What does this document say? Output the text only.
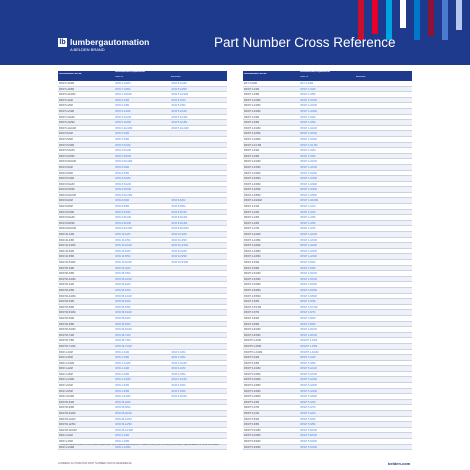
lb lumbergautomation
A BELDEN BRAND	Part Number Cross Reference
Discontinued Part No.
Recommended Replacement
Direct Fit	Alternative
RKW 5-10/2M	RKW 5-10/2M	RKW 5-10/2M
RKW 5-10/5M	RKW 5-10/5M	RKW 5-10/5M
RKW 5-10/10M	RKW 5-10/10M	RKW 5-10/10M
RKW 5-4/2M	RKW 5-4/2M	RKW 5-4/2M
RKW 5-4/5M	RKW 5-4/5M	RKW 5-4/5M
RKW 5-4/10M	RKW 5-4/10M	RKW 5-4/10M
RKW 5-4G/2M	RKW 5-4G/2M	RKW 5-4G/2M
RKW 5-4G/5M	RKW 5-4G/5M	RKW 5-4G/5M
RKW 5-4G/10M	RKW 5-4G/10M	RKW 5-4G/10M
RKW 5-5/2M	RKW 5-5/2M
RKW 5-5/5M	RKW 5-5/5M
RKW 5-5/10M	RKW 5-5/10M
RKW 5-5G/2M	RKW 5-5G/2M
RKW 5-5G/5M	RKW 5-5G/5M
RKW 5-5G/10M	RKW 5-5G/10M
RKW 8-5/2M	RKW 8-5/2M
RKW 8-5/5M	RKW 8-5/5M
RKW 8-5/10M	RKW 8-5/10M
RKW 8-5G/2M	RKW 8-5G/2M
RKW 8-5G/5M	RKW 8-5G/5M
RKW 8-5G/10M	RKW 8-5G/10M
RKW 8-8/2M	RKW 8-8/2M	RKW 8-8/2M
RKW 8-8/5M	RKW 8-8/5M	RKW 8-8/5M
RKW 8-8/10M	RKW 8-8/10M	RKW 8-8/10M
RKW 8-8G/2M	RKW 8-8G/2M	RKW 8-8G/2M
RKW 8-8G/5M	RKW 8-8G/5M	RKW 8-8G/5M
RKW 8-8G/10M	RKW 8-8G/10M	RKW 8-8G/10M
RKW 40-4/2M	RKW 40-4/2M	RKW 40-4/2M
RKW 40-4/5M	RKW 40-4/5M	RKW 40-4/5M
RKW 40-4/10M	RKW 40-4/10M	RKW 40-4/10M
RKW 40-5/2M	RKW 40-5/2M	RKW 40-5/2M
RKW 40-5/5M	RKW 40-5/5M	RKW 40-5/5M
RKW 40-5/10M	RKW 40-5/10M	RKW 40-5/10M
RKW 56-3/2M	RKW 56-3/2M
RKW 56-3/5M	RKW 56-3/5M
RKW 56-3/10M	RKW 56-3/10M
RKW 56-4/2M	RKW 56-4/2M
RKW 56-4/5M	RKW 56-4/5M
RKW 56-4/10M	RKW 56-4/10M
RKW 56-5/2M	RKW 56-5/2M
RKW 56-5/5M	RKW 56-5/5M
RKW 56-5/10M	RKW 56-5/10M
RKW 56-6/2M	RKW 56-6/2M
RKW 56-6/5M	RKW 56-6/5M
RKW 56-6/10M	RKW 56-6/10M
RKW 56-7/2M	RKW 56-7/2M
RKW 56-7/5M	RKW 56-7/5M
RKW 56-7/10M	RKW 56-7/10M
RKW 4-3/2M	RKW 4-3/2M	RKW 4-3/2M
RKW 4-3/5M	RKW 4-3/5M	RKW 4-3/5M
RKW 4-3/10M	RKW 4-3/10M	RKW 4-3/10M
RKW 4-4/2M	RKW 4-4/2M	RKW 4-4/2M
RKW 4-4/5M	RKW 4-4/5M	RKW 4-4/5M
RKW 4-4/10M	RKW 4-4/10M	RKW 4-4/10M
RKW 4-5/2M	RKW 4-5/2M	RKW 4-5/2M
RKW 4-5/5M	RKW 4-5/5M	RKW 4-5/5M
RKW 4-5/10M	RKW 4-5/10M	RKW 4-5/10M
RKW 56-9/2M	RKW 56-9/2M
RKW 56-9/5M	RKW 56-9/5M
RKW 56-9/10M	RKW 56-9/10M
RKW 56-12/2M	RKW 56-12/2M
RKW 56-12/5M	RKW 56-12/5M
RKW 56-12/10M	RKW 56-12/10M
RKW 4-4/2M	RKW 4-4/2M
RKW 4-4/5M	RKW 4-4/5M
RKW 4-4/10M	RKW 4-4/10M
Discontinued Part No.
Recommended Replacement
Direct Fit	Alternative
RKT 4-3/2M	RKT 4-3/2M
RKWT 4-3/2M	RKWT 4-3/2M
RKWT 4-3/5M	RKWT 4-3/5M
RKWT 4-3/10M	RKWT 4-3/10M
RKWT 4-3/15M	RKWT 4-3/15M
RKWT 4-3/20M	RKWT 4-3/20M
RKWT 4-3/2M	RKWT 4-3/2M
RKWT 4-3/5M	RKWT 4-3/5M
RKWT 4-3/10M	RKWT 4-3/10M
RKWT 4-3/15M	RKWT 4-3/15M
RKWT 4-3/20M	RKWT 4-3/20M
RKWT 4-3/1.5M	RKWT 4-3/1.5M
RKWT 4-3/2M	RKWT 4-3/2M
RKWT 4-3/5M	RKWT 4-3/5M
RKWT 4-3/10M	RKWT 4-3/10M
RKWT 4-3/15M	RKWT 4-3/15M
RKWT 4-3/20M	RKWT 4-3/20M
RKWT 4-3/25M	RKWT 4-3/25M
RKWT 4-3/30M	RKWT 4-3/30M
RKWT 4-3/40M	RKWT 4-3/40M
RKWT 4-3/50M	RKWT 4-3/50M
RKWT 4-3/100M	RKWT 4-3/100M
RKWT 4-4/1M	RKWT 4-4/1M
RKWT 4-4/2M	RKWT 4-4/2M
RKWT 4-4/3M	RKWT 4-4/3M
RKWT 4-4/5M	RKWT 4-4/5M
RKWT 4-4/7M	RKWT 4-4/7M
RKWT 4-4/10M	RKWT 4-4/10M
RKWT 4-4/15M	RKWT 4-4/15M
RKWT 4-4/20M	RKWT 4-4/20M
RKWT 4-4/25M	RKWT 4-4/25M
RKWT 4-4/30M	RKWT 4-4/30M
RKWT 4-5/2M	RKWT 4-5/2M
RKWT 4-5/5M	RKWT 4-5/5M
RKWT 4-5/10M	RKWT 4-5/10M
RKWT 4-5/15M	RKWT 4-5/15M
RKWT 4-5/20M	RKWT 4-5/20M
RKWT 4-5/25M	RKWT 4-5/25M
RKWT 4-5/50M	RKWT 4-5/50M
RKWT 4-5/3M	RKWT 4-5/3M
RKWT 4-5/1.5M	RKWT 4-5/1.5M
RKWT 4-5/7M	RKWT 4-5/7M
RKWT 4-8/2M	RKWT 4-8/2M
RKWT 4-8/5M	RKWT 4-8/5M
RKWT 4-8/10M	RKWT 4-8/10M
RKWT 4-8/15M	RKWT 4-8/15M
RKWTH 4-3/2M	RKWTH 4-3/2M
RKWTH 4-3/5M	RKWTH 4-3/5M
RKWTH 4-3/10M	RKWTH 4-3/10M
RKWT 5-4/2M	RKWT 5-4/2M
RKWT 5-4/5M	RKWT 5-4/5M
RKWT 5-4/10M	RKWT 5-4/10M
RKWT 5-4/15M	RKWT 5-4/15M
RKWT 5-4/20M	RKWT 5-4/20M
RKWT 5-4/25M	RKWT 5-4/25M
RKWT 5-4/30M	RKWT 5-4/30M
RKWT 5-4/50M	RKWT 5-4/50M
RKWT 5-4/3M	RKWT 5-4/3M
RKWT 5-4/7M	RKWT 5-4/7M
RKWT 5-4/1M	RKWT 5-4/1M
RKWT 5-5/2M	RKWT 5-5/2M
RKWT 5-5/5M	RKWT 5-5/5M
RKWT 5-5/10M	RKWT 5-5/10M
RKWT 5-5/15M	RKWT 5-5/15M
RKWT 5-5/20M	RKWT 5-5/20M
RKWT 5-5/25M	RKWT 5-5/25M
* This part number shown is the closest replacement with reduced specifications. Please contact your Lumberg Automation representative for more information.
LUMBERG AUTOMATION PART NUMBER CROSS REFERENCE	belden.com
